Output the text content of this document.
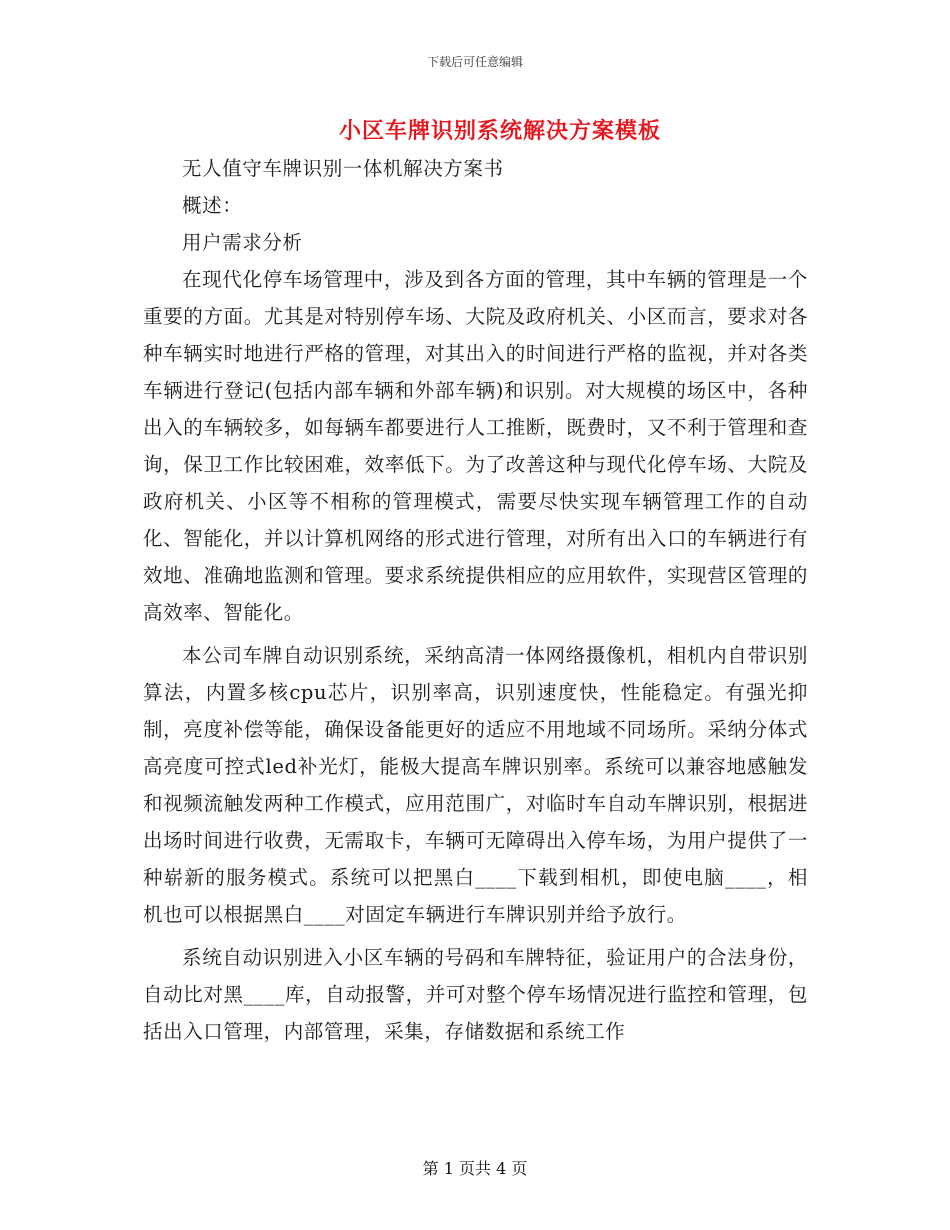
下载后可任意编辑
小区车牌识别系统解决方案模板

无人值守车牌识别一体机解决方案书

概述：

用户需求分析

在现代化停车场管理中，涉及到各方面的管理，其中车辆的管理是一个重要的方面。尤其是对特别停车场、大院及政府机关、小区而言，要求对各种车辆实时地进行严格的管理，对其出入的时间进行严格的监视，并对各类车辆进行登记(包括内部车辆和外部车辆)和识别。对大规模的场区中，各种出入的车辆较多，如每辆车都要进行人工推断，既费时，又不利于管理和查询，保卫工作比较困难，效率低下。为了改善这种与现代化停车场、大院及政府机关、小区等不相称的管理模式，需要尽快实现车辆管理工作的自动化、智能化，并以计算机网络的形式进行管理，对所有出入口的车辆进行有效地、准确地监测和管理。要求系统提供相应的应用软件，实现营区管理的高效率、智能化。

本公司车牌自动识别系统，采纳高清一体网络摄像机，相机内自带识别算法，内置多核cpu芯片，识别率高，识别速度快，性能稳定。有强光抑制，亮度补偿等能，确保设备能更好的适应不用地域不同场所。采纳分体式高亮度可控式led补光灯，能极大提高车牌识别率。系统可以兼容地感触发和视频流触发两种工作模式，应用范围广，对临时车自动车牌识别，根据进出场时间进行收费，无需取卡，车辆可无障碍出入停车场，为用户提供了一种崭新的服务模式。系统可以把黑白____下载到相机，即使电脑____，相机也可以根据黑白____对固定车辆进行车牌识别并给予放行。

系统自动识别进入小区车辆的号码和车牌特征，验证用户的合法身份，自动比对黑____库，自动报警，并可对整个停车场情况进行监控和管理，包括出入口管理，内部管理，采集，存储数据和系统工作

第 1 页共 4 页
